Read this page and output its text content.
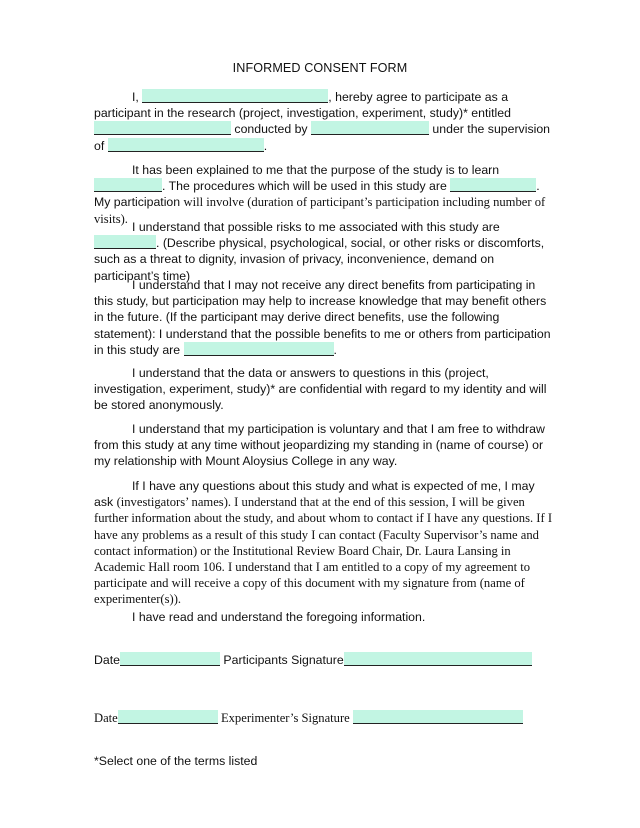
INFORMED CONSENT FORM

I,	, hereby agree to participate as a participant in the research (project, investigation, experiment, study)* entitled  conducted by	under the supervision of	.

It has been explained to me that the purpose of the study is to learn . The procedures which will be used in this study are	. My participation will involve (duration of participant’s participation including number of visits).

I understand that possible risks to me associated with this study are . (Describe physical, psychological, social, or other risks or discomforts, such as a threat to dignity, invasion of privacy, inconvenience, demand on participant’s time)

I understand that I may not receive any direct benefits from participating in this study, but participation may help to increase knowledge that may benefit others in the future. (If the participant may derive direct benefits, use the following statement): I understand that the possible benefits to me or others from participation in this study are	.

I understand that the data or answers to questions in this (project, investigation, experiment, study)* are confidential with regard to my identity and will be stored anonymously.

I understand that my participation is voluntary and that I am free to withdraw from this study at any time without jeopardizing my standing in (name of course) or my relationship with Mount Aloysius College in any way.

If I have any questions about this study and what is expected of me, I may ask (investigators’ names). I understand that at the end of this session, I will be given further information about the study, and about whom to contact if I have any questions. If I have any problems as a result of this study I can contact (Faculty Supervisor’s name and contact information) or the Institutional Review Board Chair, Dr. Laura Lansing in Academic Hall room 106. I understand that I am entitled to a copy of my agreement to participate and will receive a copy of this document with my signature from (name of experimenter(s)).

I have read and understand the foregoing information.

Date	Participants Signature
Date	Experimenter’s Signature
*Select one of the terms listed
